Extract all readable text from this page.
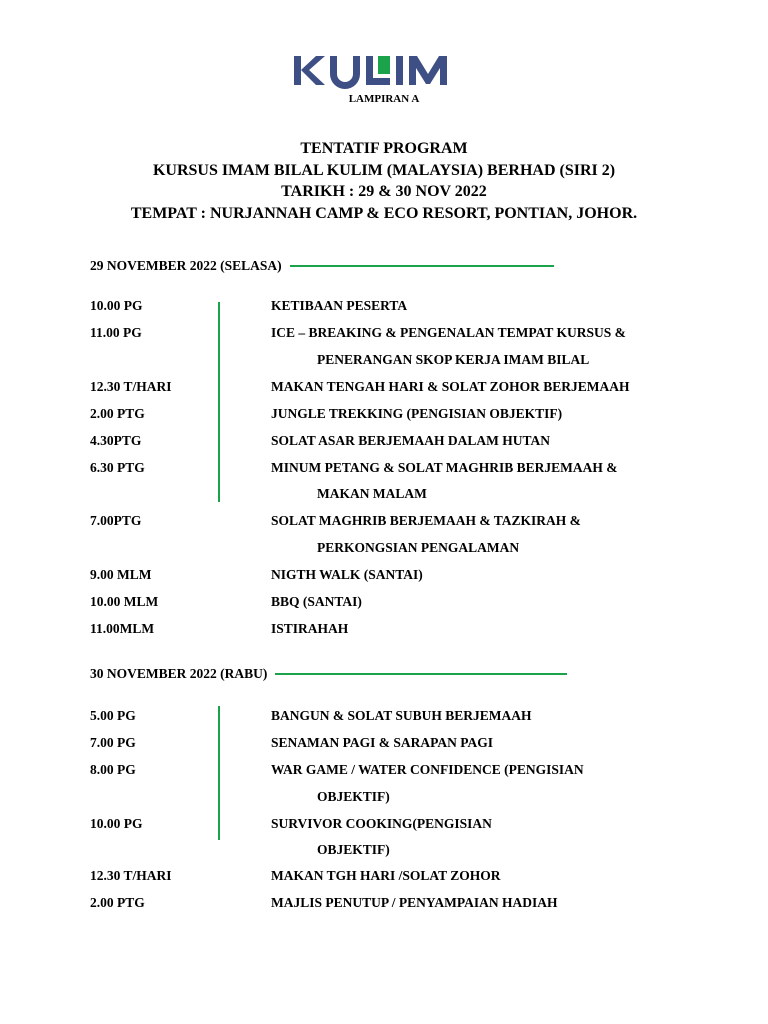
LAMPIRAN A
TENTATIF PROGRAM
KURSUS IMAM BILAL KULIM (MALAYSIA) BERHAD (SIRI 2)
TARIKH : 29 & 30 NOV 2022
TEMPAT : NURJANNAH CAMP & ECO RESORT, PONTIAN, JOHOR.
29 NOVEMBER 2022 (SELASA)
10.00 PG	KETIBAAN PESERTA
11.00 PG	ICE – BREAKING & PENGENALAN TEMPAT KURSUS &
PENERANGAN SKOP KERJA IMAM BILAL
12.30 T/HARI	MAKAN TENGAH HARI & SOLAT ZOHOR BERJEMAAH
2.00 PTG	JUNGLE TREKKING (PENGISIAN OBJEKTIF)
4.30PTG	SOLAT ASAR BERJEMAAH DALAM HUTAN
6.30 PTG	MINUM PETANG & SOLAT MAGHRIB BERJEMAAH &
MAKAN MALAM
7.00PTG	SOLAT MAGHRIB BERJEMAAH & TAZKIRAH &
PERKONGSIAN PENGALAMAN
9.00 MLM	NIGTH WALK (SANTAI)
10.00 MLM	BBQ (SANTAI)
11.00MLM	ISTIRAHAH
30 NOVEMBER 2022 (RABU)
5.00 PG	BANGUN & SOLAT SUBUH BERJEMAAH
7.00 PG	SENAMAN PAGI & SARAPAN PAGI
8.00 PG	WAR GAME / WATER CONFIDENCE (PENGISIAN
OBJEKTIF)
10.00 PG	SURVIVOR COOKING(PENGISIAN
OBJEKTIF)
12.30 T/HARI	MAKAN TGH HARI /SOLAT ZOHOR
2.00 PTG	MAJLIS PENUTUP / PENYAMPAIAN HADIAH
